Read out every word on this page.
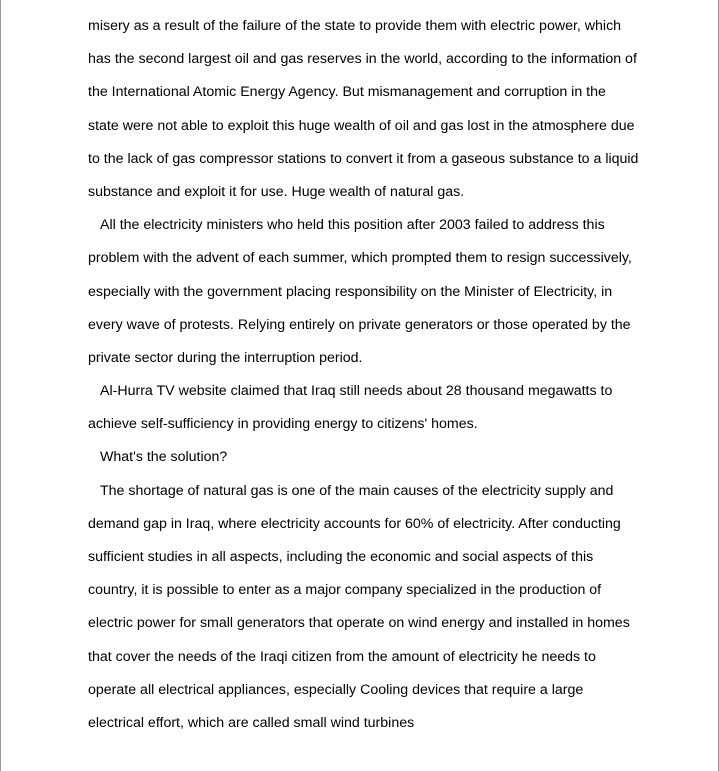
misery as a result of the failure of the state to provide them with electric power, which
has the second largest oil and gas reserves in the world, according to the information of
the International Atomic Energy Agency. But mismanagement and corruption in the
state were not able to exploit this huge wealth of oil and gas lost in the atmosphere due
to the lack of gas compressor stations to convert it from a gaseous substance to a liquid
substance and exploit it for use. Huge wealth of natural gas.
All the electricity ministers who held this position after 2003 failed to address this
problem with the advent of each summer, which prompted them to resign successively,
especially with the government placing responsibility on the Minister of Electricity, in
every wave of protests. Relying entirely on private generators or those operated by the
private sector during the interruption period.
Al-Hurra TV website claimed that Iraq still needs about 28 thousand megawatts to
achieve self-sufficiency in providing energy to citizens' homes.
What's the solution?
The shortage of natural gas is one of the main causes of the electricity supply and
demand gap in Iraq, where electricity accounts for 60% of electricity. After conducting
sufficient studies in all aspects, including the economic and social aspects of this
country, it is possible to enter as a major company specialized in the production of
electric power for small generators that operate on wind energy and installed in homes
that cover the needs of the Iraqi citizen from the amount of electricity he needs to
operate all electrical appliances, especially Cooling devices that require a large
electrical effort, which are called small wind turbines
